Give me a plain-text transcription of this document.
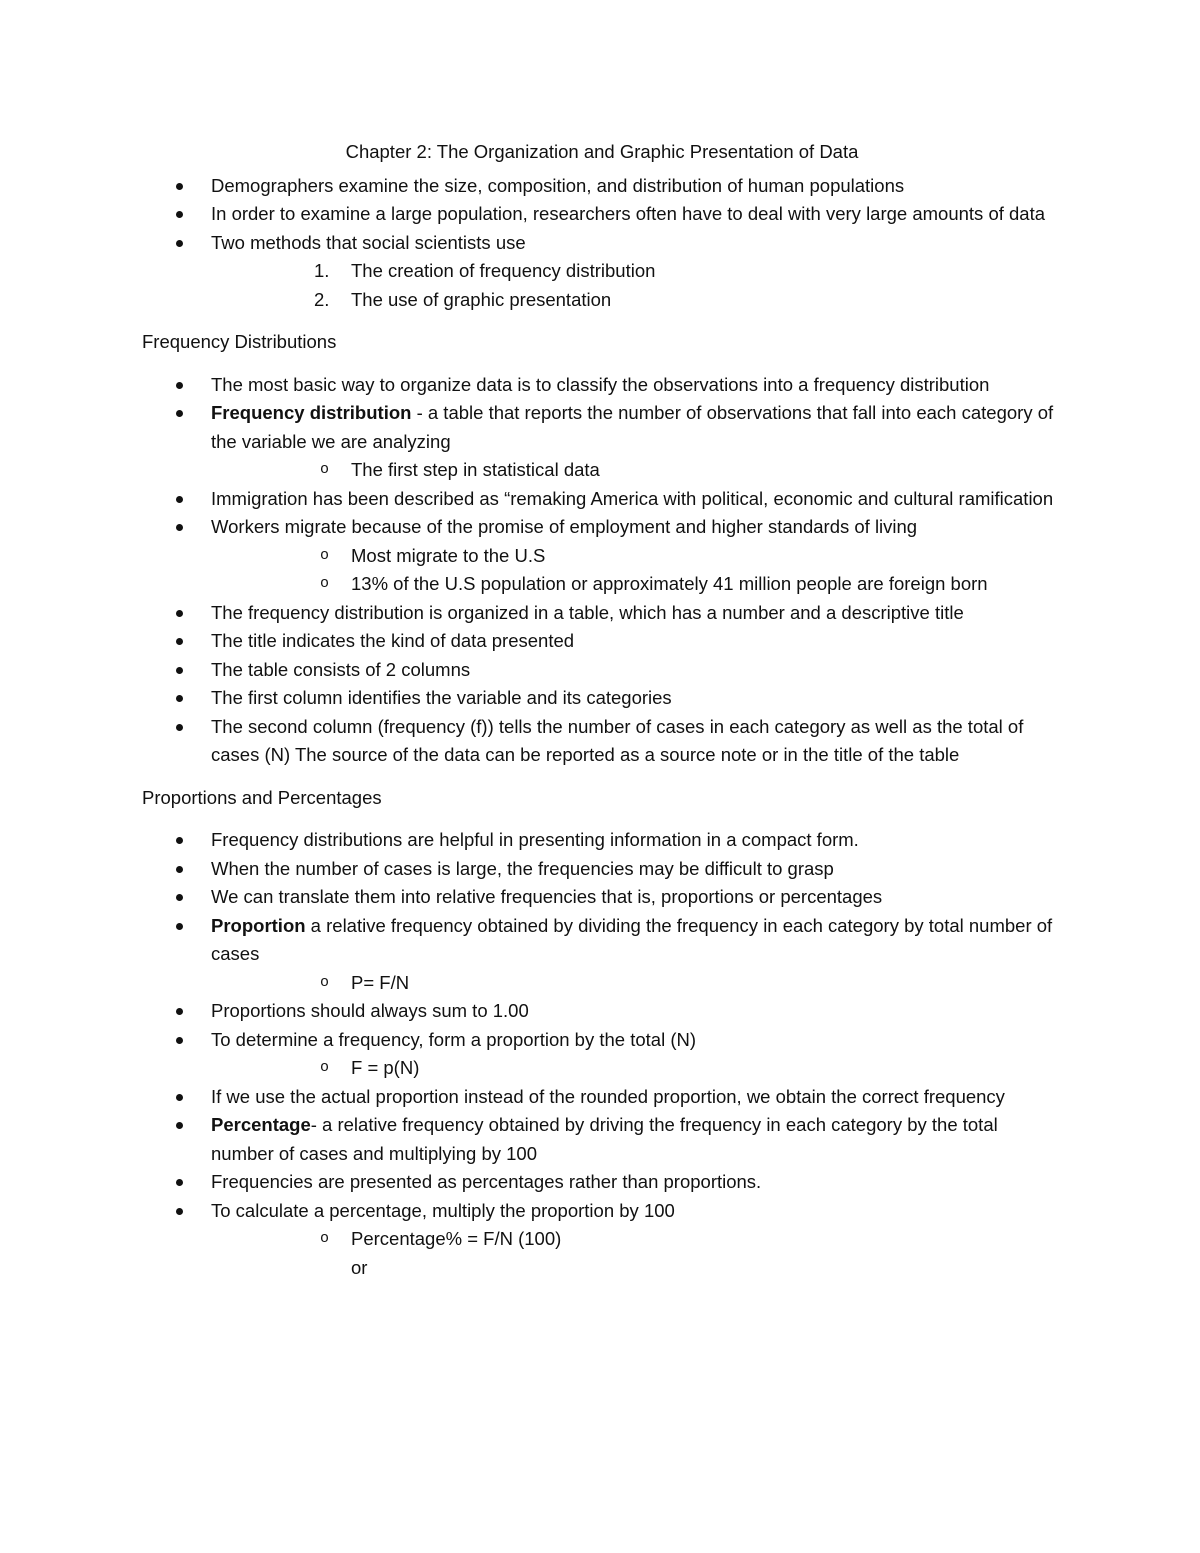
Chapter 2: The Organization and Graphic Presentation of Data
Demographers examine the size, composition, and distribution of human populations
In order to examine a large population, researchers often have to deal with very large amounts of data
Two methods that social scientists use
1. The creation of frequency distribution
2. The use of graphic presentation
Frequency Distributions
The most basic way to organize data is to classify the observations into a frequency distribution
Frequency distribution - a table that reports the number of observations that fall into each category of the variable we are analyzing
o The first step in statistical data
Immigration has been described as “remaking America with political, economic and cultural ramification
Workers migrate because of the promise of employment and higher standards of living
o Most migrate to the U.S
o 13% of the U.S population or approximately 41 million people are foreign born
The frequency distribution is organized in a table, which has a number and a descriptive title
The title indicates the kind of data presented
The table consists of 2 columns
The first column identifies the variable and its categories
The second column (frequency (f)) tells the number of cases in each category as well as the total of cases (N) The source of the data can be reported as a source note or in the title of the table
Proportions and Percentages
Frequency distributions are helpful in presenting information in a compact form.
When the number of cases is large, the frequencies may be difficult to grasp
We can translate them into relative frequencies that is, proportions or percentages
Proportion a relative frequency obtained by dividing the frequency in each category by total number of cases
o P= F/N
Proportions should always sum to 1.00
To determine a frequency, form a proportion by the total (N)
o F = p(N)
If we use the actual proportion instead of the rounded proportion, we obtain the correct frequency
Percentage- a relative frequency obtained by driving the frequency in each category by the total number of cases and multiplying by 100
Frequencies are presented as percentages rather than proportions.
To calculate a percentage, multiply the proportion by 100
o Percentage% = F/N (100)
or
